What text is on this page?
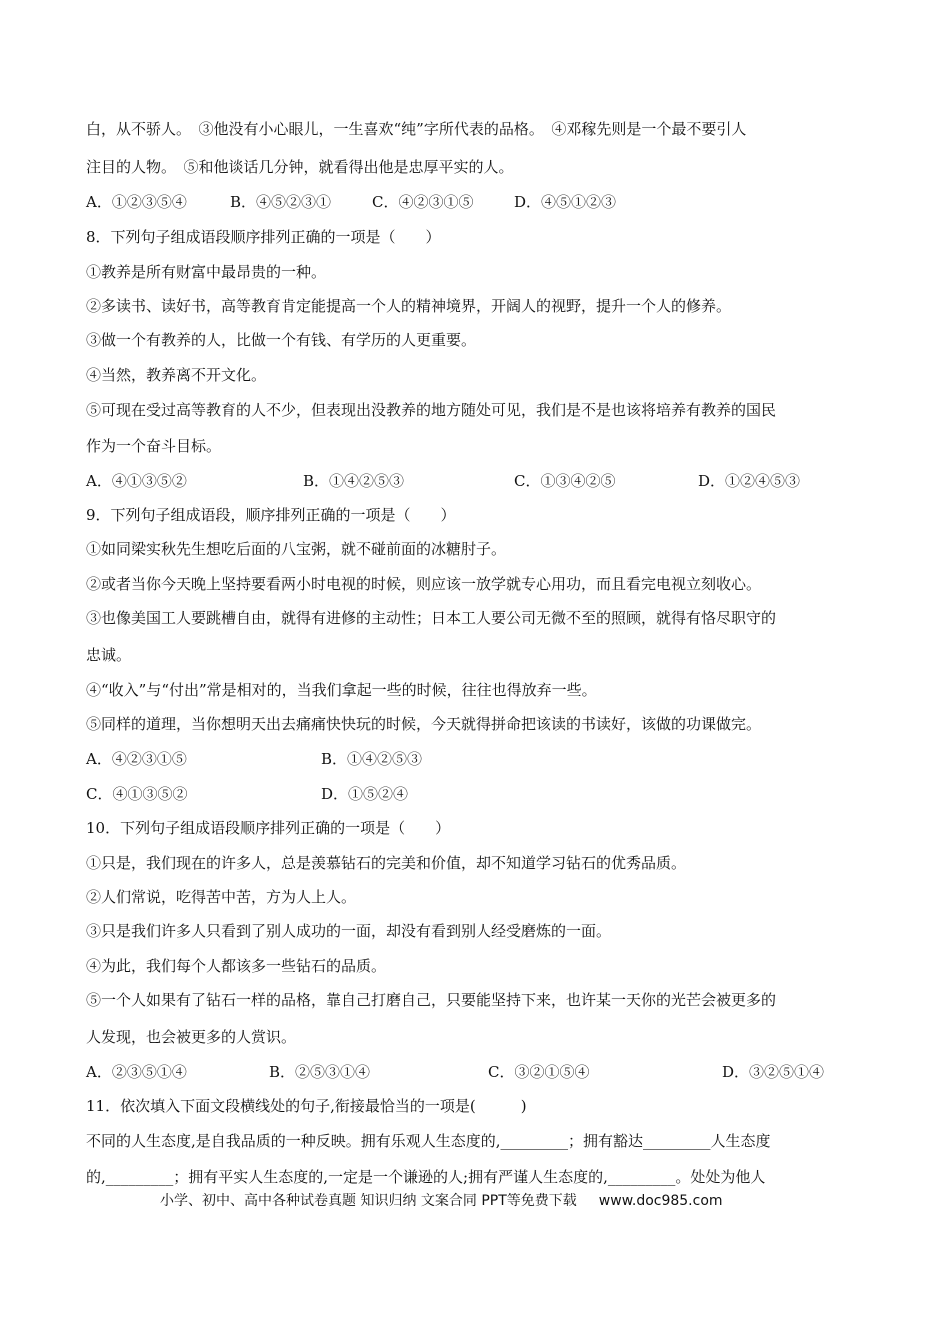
白，从不骄人。　③他没有小心眼儿，一生喜欢“纯”字所代表的品格。　④邓稼先则是一个最不要引人
注目的人物。　⑤和他谈话几分钟，就看得出他是忠厚平实的人。
A．①②③⑤④	B．④⑤②③①	C．④②③①⑤	D．④⑤①②③
8．下列句子组成语段顺序排列正确的一项是（　　）
①教养是所有财富中最昂贵的一种。
②多读书、读好书，高等教育肯定能提高一个人的精神境界，开阔人的视野，提升一个人的修养。
③做一个有教养的人，比做一个有钱、有学历的人更重要。
④当然，教养离不开文化。
⑤可现在受过高等教育的人不少，但表现出没教养的地方随处可见，我们是不是也该将培养有教养的国民
作为一个奋斗目标。
A．④①③⑤②	B．①④②⑤③	C．①③④②⑤	D．①②④⑤③
9．下列句子组成语段，顺序排列正确的一项是（　　）
①如同梁实秋先生想吃后面的八宝粥，就不碰前面的冰糖肘子。
②或者当你今天晚上坚持要看两小时电视的时候，则应该一放学就专心用功，而且看完电视立刻收心。
③也像美国工人要跳槽自由，就得有进修的主动性；日本工人要公司无微不至的照顾，就得有恪尽职守的
忠诚。
④“收入”与“付出”常是相对的，当我们拿起一些的时候，往往也得放弃一些。
⑤同样的道理，当你想明天出去痛痛快快玩的时候，今天就得拼命把该读的书读好，该做的功课做完。
A．④②③①⑤	B．①④②⑤③
C．④①③⑤②	D．①⑤②④
10．下列句子组成语段顺序排列正确的一项是（　　）
①只是，我们现在的许多人，总是羡慕钻石的完美和价值，却不知道学习钻石的优秀品质。
②人们常说，吃得苦中苦，方为人上人。
③只是我们许多人只看到了别人成功的一面，却没有看到别人经受磨炼的一面。
④为此，我们每个人都该多一些钻石的品质。
⑤一个人如果有了钻石一样的品格，靠自己打磨自己，只要能坚持下来，也许某一天你的光芒会被更多的
人发现，也会被更多的人赏识。
A．②③⑤①④	B．②⑤③①④	C．③②①⑤④	D．③②⑤①④
11．依次填入下面文段横线处的句子,衔接最恰当的一项是(　　　)
不同的人生态度,是自我品质的一种反映。拥有乐观人生态度的,_________；拥有豁达_________人生态度
的,_________；拥有平实人生态度的,一定是一个谦逊的人;拥有严谨人生态度的,_________。处处为他人
小学、初中、高中各种试卷真题 知识归纳 文案合同 PPT等免费下载 www.doc985.com
